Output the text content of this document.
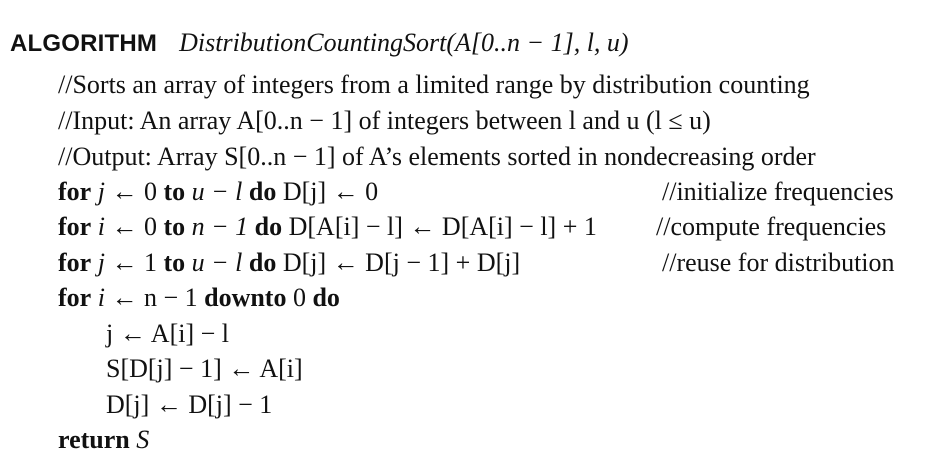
ALGORITHM DistributionCountingSort(A[0..n − 1], l, u)
//Sorts an array of integers from a limited range by distribution counting
//Input: An array A[0..n − 1] of integers between l and u (l ≤ u)
//Output: Array S[0..n − 1] of A’s elements sorted in nondecreasing order
for j ← 0 to u − l do D[j] ← 0	//initialize frequencies
for i ← 0 to n − 1 do D[A[i] − l] ← D[A[i] − l] + 1 //compute frequencies
for j ← 1 to u − l do D[j] ← D[j − 1] + D[j]	//reuse for distribution
for i ← n − 1 downto 0 do
j ← A[i] − l
S[D[j] − 1] ← A[i]
D[j] ← D[j] − 1
return S
